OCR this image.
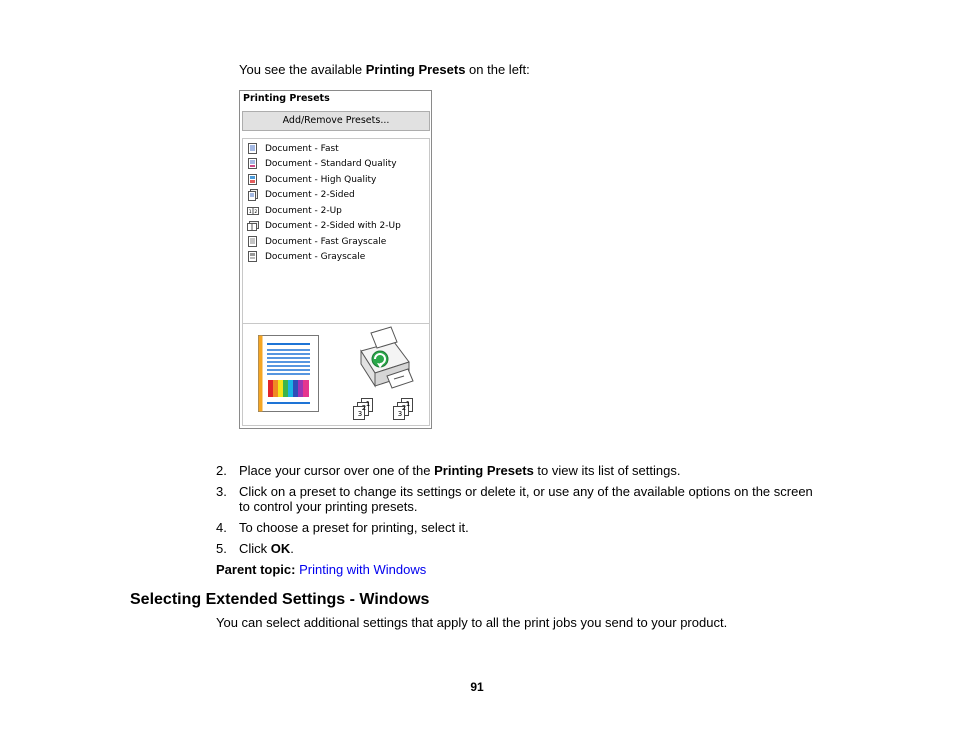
You see the available Printing Presets on the left:
Printing Presets
Add/Remove Presets...
Document - Fast
Document - Standard Quality
Document - High Quality
Document - 2-Sided
1 2 Document - 2-Up
Document - 2-Sided with 2-Up
Document - Fast Grayscale
Document - Grayscale
1
2
3
1
2
3
2. Place your cursor over one of the Printing Presets to view its list of settings.
3. Click on a preset to change its settings or delete it, or use any of the available options on the screen to control your printing presets.
4. To choose a preset for printing, select it.
5. Click OK.
Parent topic: Printing with Windows
Selecting Extended Settings - Windows
You can select additional settings that apply to all the print jobs you send to your product.
91
